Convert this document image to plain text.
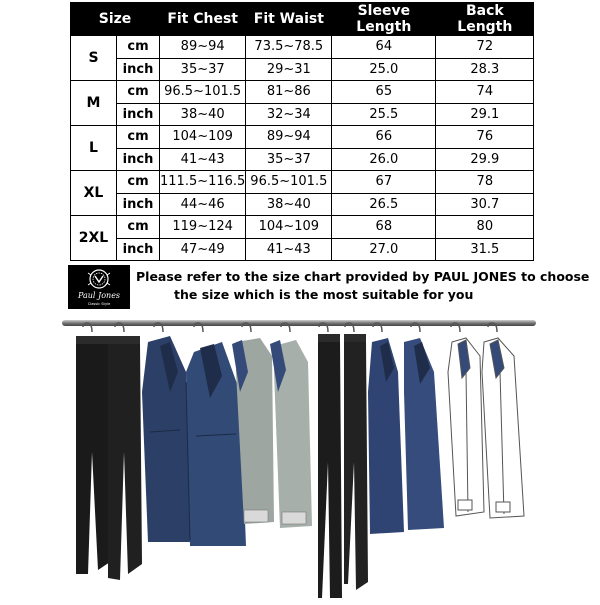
Size		Fit Chest	Fit Waist	Sleeve Length	Back Length
S	cm	89~94	73.5~78.5	64	72
	inch	35~37	29~31	25.0	28.3
M	cm	96.5~101.5	81~86	65	74
	inch	38~40	32~34	25.5	29.1
L	cm	104~109	89~94	66	76
	inch	41~43	35~37	26.0	29.9
XL	cm	111.5~116.5	96.5~101.5	67	78
	inch	44~46	38~40	26.5	30.7
2XL	cm	119~124	104~109	68	80
	inch	47~49	41~43	27.0	31.5
Paul Jones
Classic Style
Please refer to the size chart provided by PAUL JONES to choose
the size which is the most suitable for you
